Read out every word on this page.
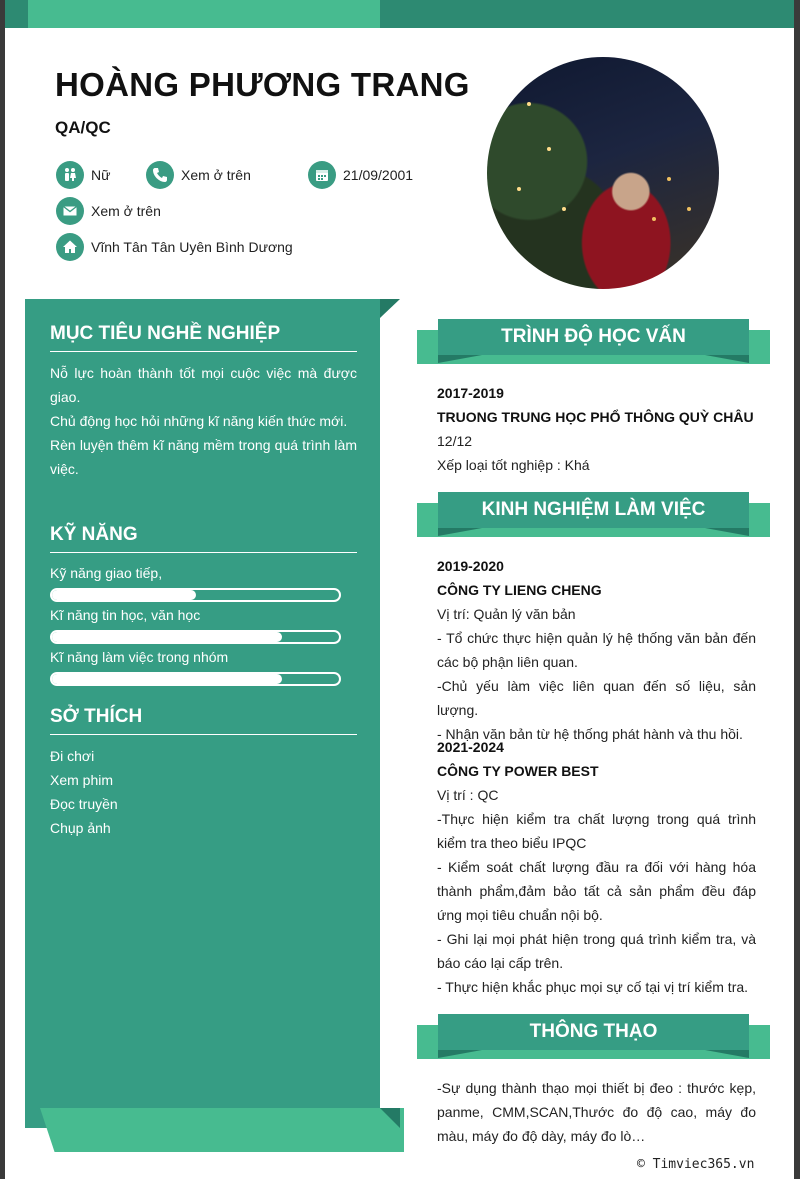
HOÀNG PHƯƠNG TRANG
QA/QC
Nữ	Xem ở trên	21/09/2001
Xem ở trên
Vĩnh Tân Tân Uyên Bình Dương
MỤC TIÊU NGHỀ NGHIỆP

Nỗ lực hoàn thành tốt mọi cuộc việc mà được giao.

Chủ động học hỏi những kĩ năng kiến thức mới.

Rèn luyện thêm kĩ năng mềm trong quá trình làm việc.

KỸ NĂNG
Kỹ năng giao tiếp,
Kĩ năng tin học, văn học
Kĩ năng làm việc trong nhóm
SỞ THÍCH
Đi chơi
Xem phim
Đọc truyền
Chụp ảnh
TRÌNH ĐỘ HỌC VẤN

2017-2019

TRUONG TRUNG HỌC PHỔ THÔNG QUỲ CHÂU

12/12

Xếp loại tốt nghiệp : Khá

KINH NGHIỆM LÀM VIỆC

2019-2020

CÔNG TY LIENG CHENG

Vị trí: Quản lý văn bản

- Tổ chức thực hiện quản lý hệ thống văn bản đến các bộ phận liên quan.

-Chủ yếu làm việc liên quan đến số liệu, sản lượng.

- Nhận văn bản từ hệ thống phát hành và thu hồi.

2021-2024

CÔNG TY POWER BEST

Vị trí : QC

-Thực hiện kiểm tra chất lượng trong quá trình kiểm tra theo biểu IPQC

- Kiểm soát chất lượng đầu ra đối với hàng hóa thành phẩm,đảm bảo tất cả sản phẩm đều đáp ứng mọi tiêu chuẩn nội bộ.

- Ghi lại mọi phát hiện trong quá trình kiểm tra, và báo cáo lại cấp trên.

- Thực hiện khắc phục mọi sự cố tại vị trí kiểm tra.

THÔNG THẠO

-Sự dụng thành thạo mọi thiết bị đeo : thước kẹp, panme, CMM,SCAN,Thước đo độ cao, máy đo màu, máy đo độ dày, máy đo lò…

© Timviec365.vn
